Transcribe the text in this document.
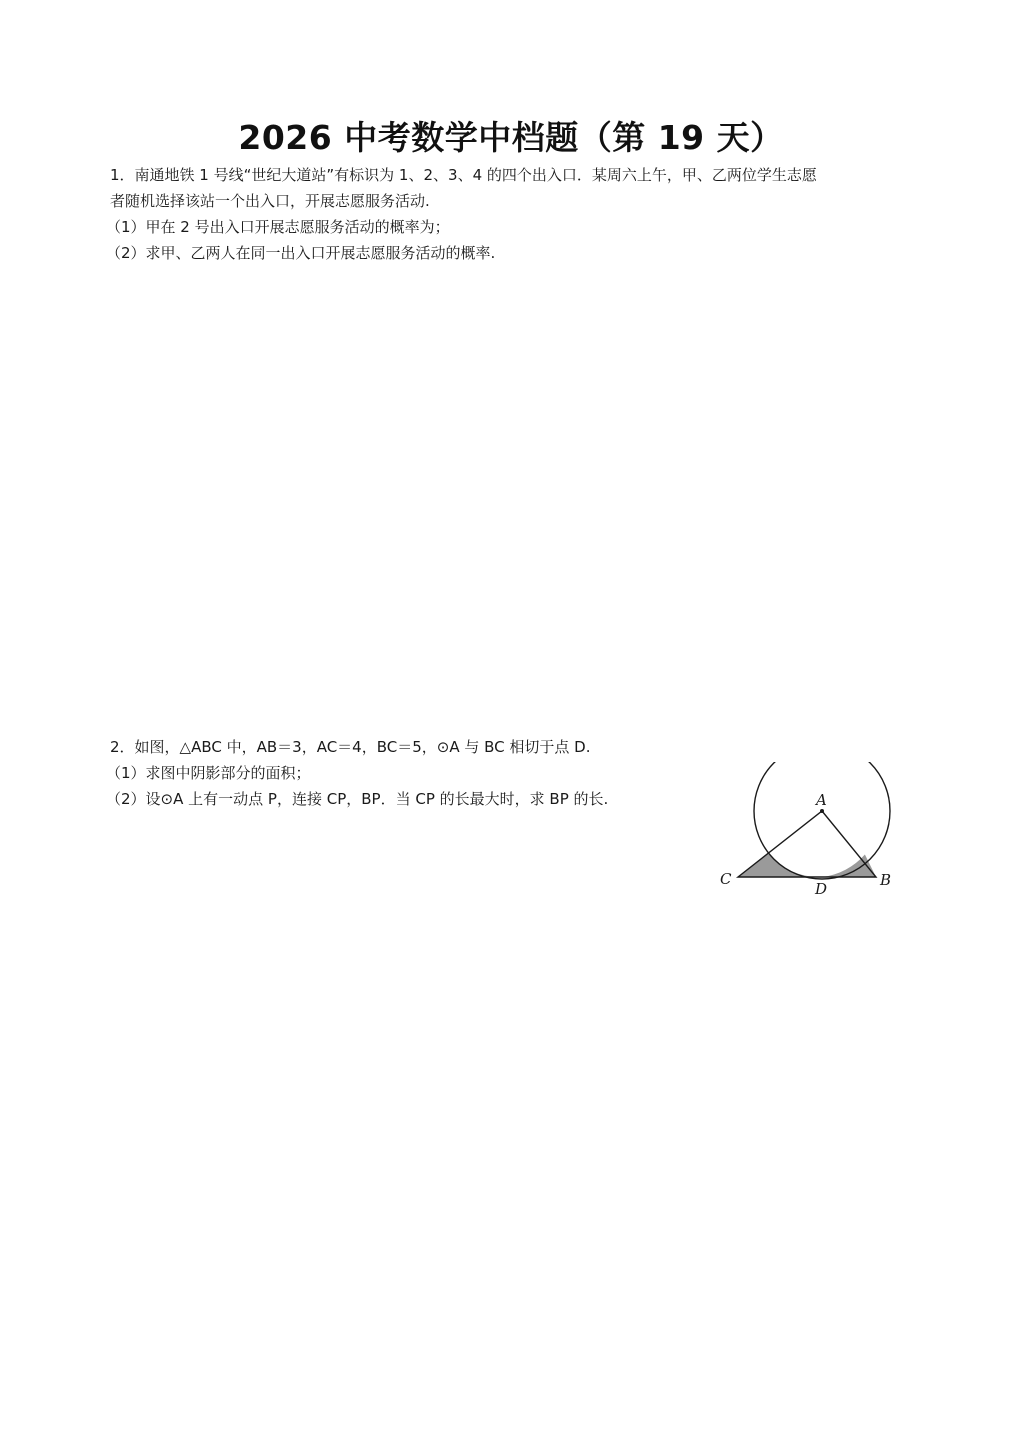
2026 中考数学中档题（第 19 天）

1．南通地铁 1 号线“世纪大道站”有标识为 1、2、3、4 的四个出入口．某周六上午，甲、乙两位学生志愿

者随机选择该站一个出入口，开展志愿服务活动.

（1）甲在 2 号出入口开展志愿服务活动的概率为；

（2）求甲、乙两人在同一出入口开展志愿服务活动的概率.

2．如图，△ABC 中，AB＝3，AC＝4，BC＝5，⊙A 与 BC 相切于点 D.

（1）求图中阴影部分的面积；

（2）设⊙A 上有一动点 P，连接 CP，BP．当 CP 的长最大时，求 BP 的长.	A
C
D	B
